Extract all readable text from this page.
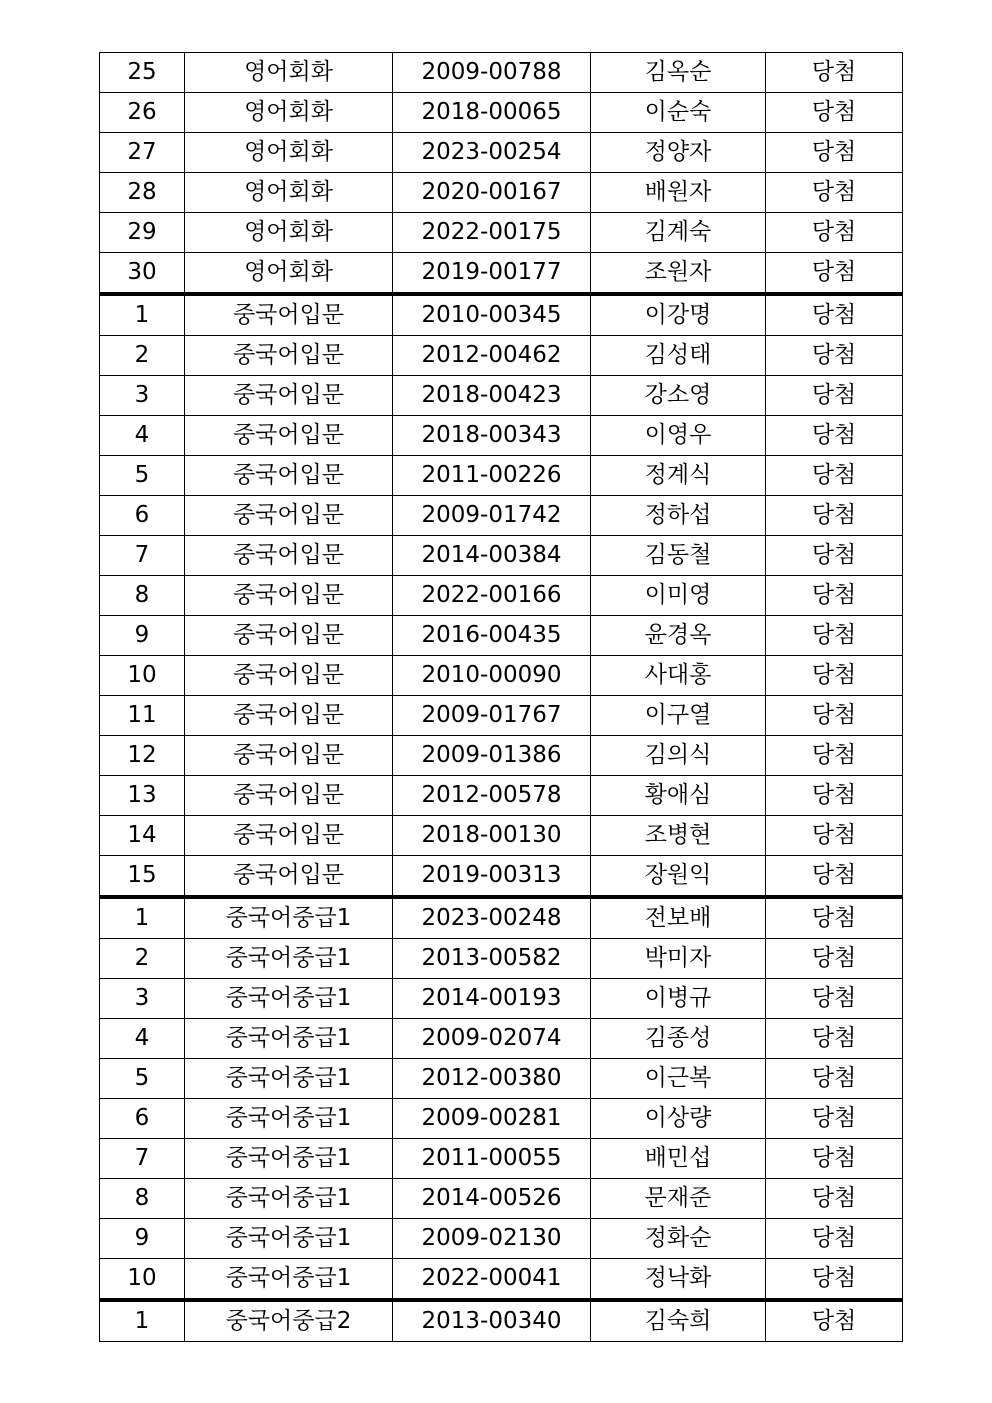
25	영어회화	2009-00788	김옥순	당첨
26	영어회화	2018-00065	이순숙	당첨
27	영어회화	2023-00254	정양자	당첨
28	영어회화	2020-00167	배원자	당첨
29	영어회화	2022-00175	김계숙	당첨
30	영어회화	2019-00177	조원자	당첨
1	중국어입문	2010-00345	이강명	당첨
2	중국어입문	2012-00462	김성태	당첨
3	중국어입문	2018-00423	강소영	당첨
4	중국어입문	2018-00343	이영우	당첨
5	중국어입문	2011-00226	정계식	당첨
6	중국어입문	2009-01742	정하섭	당첨
7	중국어입문	2014-00384	김동철	당첨
8	중국어입문	2022-00166	이미영	당첨
9	중국어입문	2016-00435	윤경옥	당첨
10	중국어입문	2010-00090	사대홍	당첨
11	중국어입문	2009-01767	이구열	당첨
12	중국어입문	2009-01386	김의식	당첨
13	중국어입문	2012-00578	황애심	당첨
14	중국어입문	2018-00130	조병현	당첨
15	중국어입문	2019-00313	장원익	당첨
1	중국어중급1	2023-00248	전보배	당첨
2	중국어중급1	2013-00582	박미자	당첨
3	중국어중급1	2014-00193	이병규	당첨
4	중국어중급1	2009-02074	김종성	당첨
5	중국어중급1	2012-00380	이근복	당첨
6	중국어중급1	2009-00281	이상량	당첨
7	중국어중급1	2011-00055	배민섭	당첨
8	중국어중급1	2014-00526	문재준	당첨
9	중국어중급1	2009-02130	정화순	당첨
10	중국어중급1	2022-00041	정낙화	당첨
1	중국어중급2	2013-00340	김숙희	당첨
